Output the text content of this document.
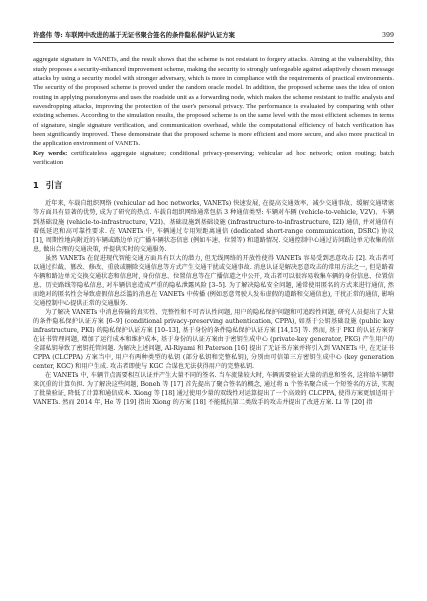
许盛伟 等: 车联网中改进的基于无证书聚合签名的条件隐私保护认证方案	399

aggregate signature in VANETs, and the result shows that the scheme is not resistant to forgery attacks. Aiming at the vulnerability, this study proposes a security-enhanced improvement scheme, making the security to strongly unforgeable against adaptively chosen message attacks by using a security model with stronger adversary, which is more in compliance with the requirements of practical environments. The security of the proposed scheme is proved under the random oracle model. In addition, the proposed scheme uses the idea of onion routing in applying pseudonyms and uses the roadside unit as a forwarding node, which makes the scheme resistant to traffic analysis and eavesdropping attacks, improving the protection of the user's personal privacy. The performance is evaluated by comparing with other existing schemes. According to the simulation results, the proposed scheme is on the same level with the most efficient schemes in terms of signature, single signature verification, and communication overhead, while the computational efficiency of batch verification has been significantly improved. These demonstrate that the proposed scheme is more efficient and more secure, and also more practical in the application environment of VANETs.

Key words: certificateless aggregate signature; conditional privacy-preserving; vehicular ad hoc network; onion routing; batch verification

1 引言

近年来, 车载自组织网络 (vehicular ad hoc networks, VANETs) 快速发展, 在提高交通效率、减少交通事故、缓解交通堵塞等方面具有显著的优势, 成为了研究的热点. 车载自组织网络通常包括 3 种通信类型: 车辆对车辆 (vehicle-to-vehicle, V2V)、车辆到基础设施 (vehicle-to-infrastructure, V2I)、基础设施到基础设施 (infrastructure-to-infrastructure, I2I) 通信, 并对通信有着低延迟和高可靠性要求. 在 VANETs 中, 车辆通过专用短距离通信 (dedicated short-range communication, DSRC) 协议 [1], 周期性地向附近的车辆或路边单元广播车辆状态信息 (例如车速、位置等) 和道路情况. 交通控制中心通过访问路边单元收集的信息, 做出合理的交通决策, 并提供实时的交通服务.

虽然 VANETs 在促进现代智能交通方面具有巨大的潜力, 但无线网络的开放性使得 VANETs 容易受到恶意攻击 [2]. 攻击者可以通过拦截、篡改、修改、重放或删除交通信息等方式产生交通干扰或交通事故. 消息认证是解决恶意攻击的常用方法之一, 但是路着车辆和路边单元交换交通状态和信息时, 身份信息、位置信息等在广播信道之中公开, 攻击者可以很容易收集车辆的身份信息、位置信息、历史路线等隐私信息, 对车辆信息造成严重的隐私泄露风险 [3–5]. 为了解决隐私安全问题, 通常使用匿名的方式来进行通信, 然而绝对的匿名性会导致虚假信息泛滥的消息在 VANETs 中传播 (例如恶意驾驶人发布虚假的道路和交通信息), 干扰正常的通信, 影响交通控制中心提供正常的交通服务.

为了解决 VANETs 中消息传输的真实性、完整性和不可否认性问题, 用户的隐私保护问题和可追踪性问题, 研究人员提出了大量的条件隐私保护认证方案 [6–9] (conditional privacy-preserving authentication, CPPA), 如基于公钥基础设施 (public key infrastructure, PKI) 的隐私保护认证方案 [10–13], 基于身份的条件隐私保护认证方案 [14,15] 等. 然而, 基于 PKI 的认证方案存在证书管理问题, 增加了运行成本和维护成本, 基于身份的认证方案由于密钥生成中心 (private-key generator, PKG) 产生用户的全部私钥导致了密钥托管问题. 为解决上述问题, Al-Riyami 和 Paterson [16] 提出了无证书方案并将引入到 VANETs 中, 在无证书 CPPA (CLCPPA) 方案当中, 用户有两种类型的私钥 (部分私钥和完整私钥), 分别由可信第三方密钥生成中心 (key generation center, KGC) 和用户生成. 攻击者即使与 KGC 合谋也无法获得用户的完整私钥.

在 VANETs 中, 车辆节点需要相互认证并产生大量不同的签名. 当车流量较大时, 车辆需要验证大量的消息和签名, 这将给车辆带来沉重的计算负担. 为了解决这些问题, Boneh 等 [17] 首先提出了聚合签名的概念, 通过将 n 个签名聚合成一个短签名的方法, 实现了批量验证, 降低了计算和通信成本. Xiong 等 [18] 通过使用少量的双线性对运算提出了一个高效的 CLCPPA, 使得方案更加适用于 VANETs. 然而 2014 年, He 等 [19] 指出 Xiong 的方案 [18] 不能抵抗第二类敌手的攻击并提出了改进方案. Li 等 [20] 指
